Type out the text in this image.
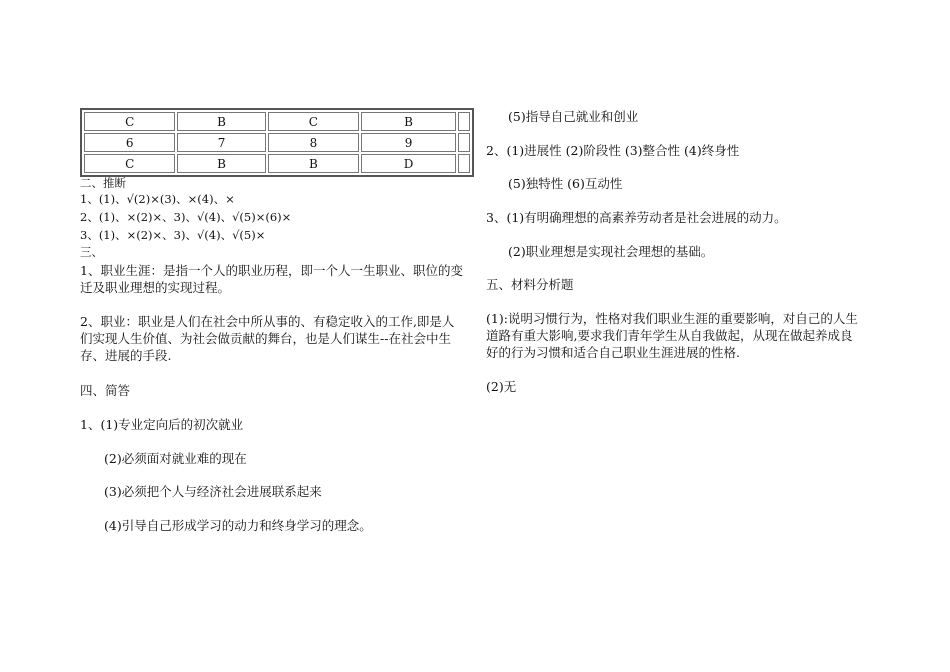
C	B	C	B	
6	7	8	9	
C	B	B	D	
二、推断
1、(1)、√(2)×(3)、×(4)、×
2、(1)、×(2)×、3)、√(4)、√(5)×(6)×
3、(1)、×(2)×、3)、√(4)、√(5)×
三、
1、职业生涯：是指一个人的职业历程，即一个人一生职业、职位的变迁及职业理想的实现过程。
2、职业：职业是人们在社会中所从事的、有稳定收入的工作,即是人们实现人生价值、为社会做贡献的舞台，也是人们谋生--在社会中生存、进展的手段.
四、简答
1、(1)专业定向后的初次就业
(2)必须面对就业难的现在
(3)必须把个人与经济社会进展联系起来
(4)引导自己形成学习的动力和终身学习的理念。
(5)指导自己就业和创业
2、(1)进展性 (2)阶段性 (3)整合性 (4)终身性
(5)独特性 (6)互动性
3、(1)有明确理想的高素养劳动者是社会进展的动力。
(2)职业理想是实现社会理想的基础。
五、材料分析题
(1):说明习惯行为，性格对我们职业生涯的重要影响，对自己的人生道路有重大影响,要求我们青年学生从自我做起，从现在做起养成良好的行为习惯和适合自己职业生涯进展的性格.
(2)无
